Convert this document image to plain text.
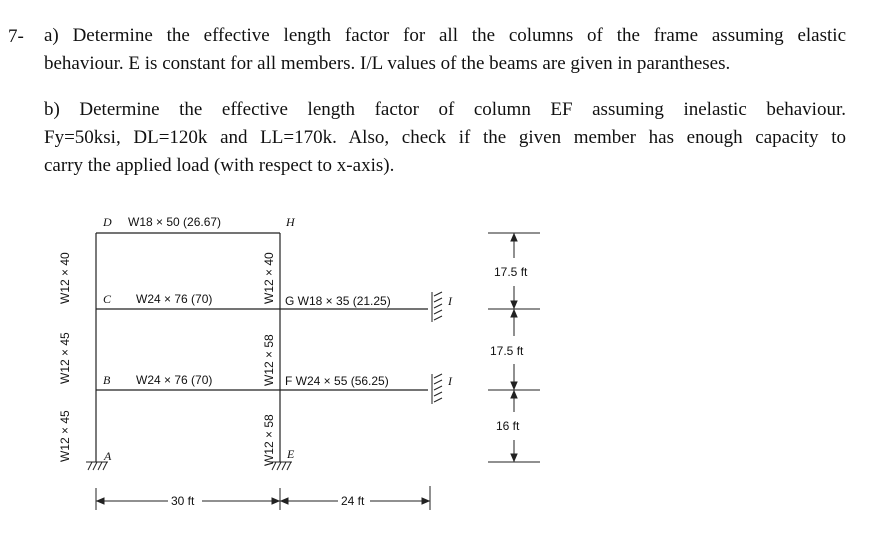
7- a) Determine the effective length factor for all the columns of the frame assuming elastic
behaviour. E is constant for all members. I/L values of the beams are given in parantheses.
b) Determine the effective length factor of column EF assuming inelastic behaviour.
Fy=50ksi, DL=120k and LL=170k. Also, check if the given member has enough capacity to
carry the applied load (with respect to x-axis).
D	H
C
B
A	E
I
I
W18 × 50 (26.67)
W24 × 76 (70)
W24 × 76 (70)
G W18 × 35 (21.25)
F W24 × 55 (56.25)
W12 × 45
W12 × 45
W12 × 40
W12 × 58
W12 × 58
W12 × 40	17.5 ft
17.5 ft
16 ft
30 ft	24 ft
